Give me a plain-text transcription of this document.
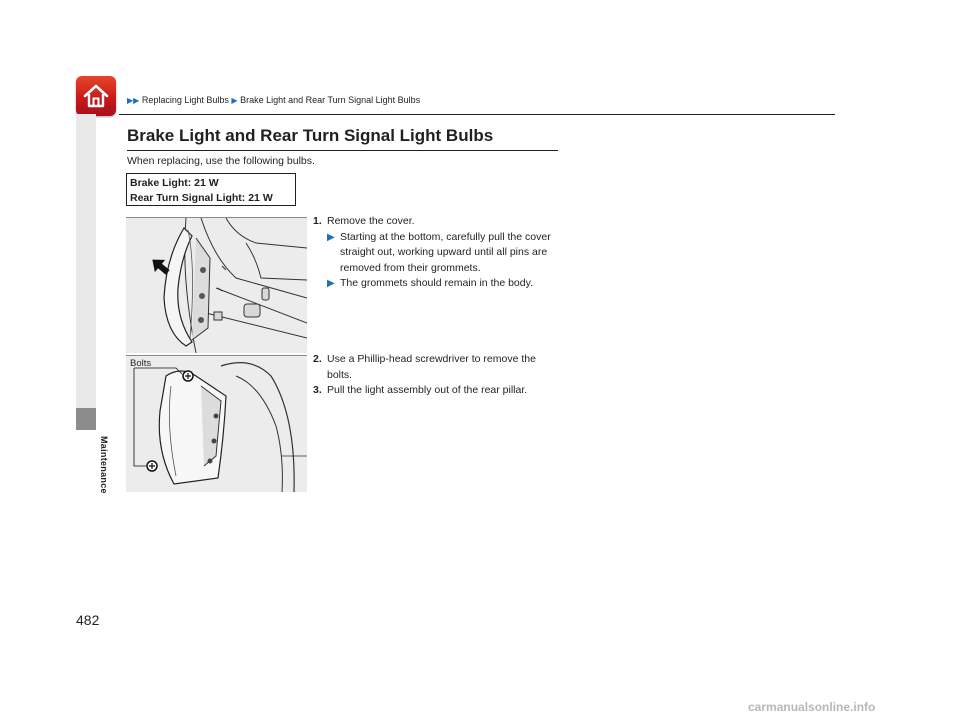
▶▶ Replacing Light Bulbs ▶ Brake Light and Rear Turn Signal Light Bulbs
Maintenance
Brake Light and Rear Turn Signal Light Bulbs
When replacing, use the following bulbs.
Brake Light: 21 W
Rear Turn Signal Light: 21 W
Bolts
1. Remove the cover.
▶ Starting at the bottom, carefully pull the cover straight out, working upward until all pins are removed from their grommets.
▶ The grommets should remain in the body.
2. Use a Phillip-head screwdriver to remove the bolts.
3. Pull the light assembly out of the rear pillar.
482
carmanualsonline.info
